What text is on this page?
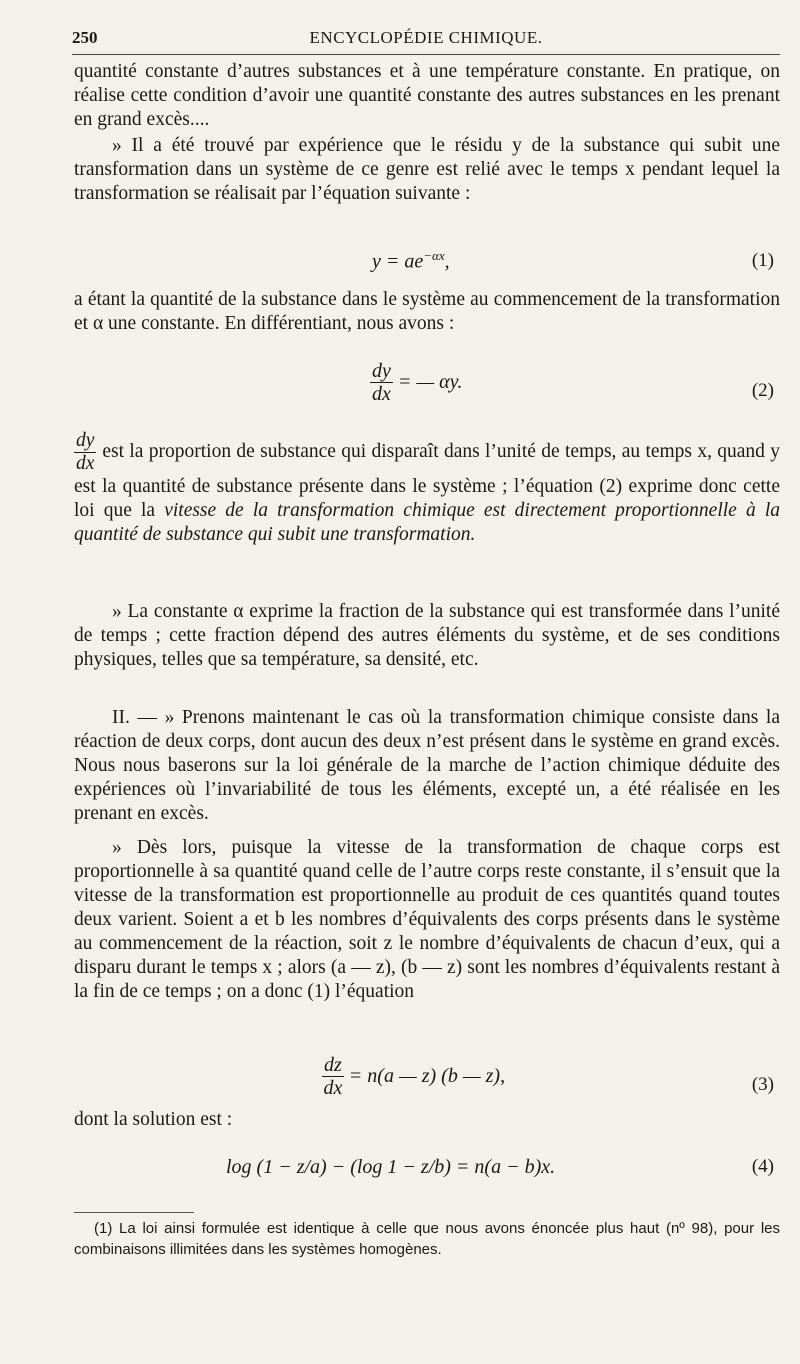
250	ENCYCLOPÉDIE CHIMIQUE.

quantité constante d’autres substances et à une température constante. En pratique, on réalise cette condition d’avoir une quantité constante des autres substances en les prenant en grand excès....

» Il a été trouvé par expérience que le résidu y de la substance qui subit une transformation dans un système de ce genre est relié avec le temps x pendant lequel la transformation se réalisait par l’équation suivante :

$y = ae^{-\alpha x}$,	(1)

a étant la quantité de la substance dans le système au commencement de la transformation et α une constante. En différentiant, nous avons :

$\frac{dy}{dx}$ = — αy.	(2)
$\frac{dy}{dx}$ est la proportion de substance qui disparaît dans l’unité de temps, au temps x, quand y est la quantité de substance présente dans le système ; l’équation (2) exprime donc cette loi que la vitesse de la transformation chimique est directement proportionnelle à la quantité de substance qui subit une transformation.

» La constante α exprime la fraction de la substance qui est transformée dans l’unité de temps ; cette fraction dépend des autres éléments du système, et de ses conditions physiques, telles que sa température, sa densité, etc.

II. — » Prenons maintenant le cas où la transformation chimique consiste dans la réaction de deux corps, dont aucun des deux n’est présent dans le système en grand excès. Nous nous baserons sur la loi générale de la marche de l’action chimique déduite des expériences où l’invariabilité de tous les éléments, excepté un, a été réalisée en les prenant en excès.

» Dès lors, puisque la vitesse de la transformation de chaque corps est proportionnelle à sa quantité quand celle de l’autre corps reste constante, il s’ensuit que la vitesse de la transformation est proportionnelle au produit de ces quantités quand toutes deux varient. Soient a et b les nombres d’équivalents des corps présents dans le système au commencement de la réaction, soit z le nombre d’équivalents de chacun d’eux, qui a disparu durant le temps x ; alors (a — z), (b — z) sont les nombres d’équivalents restant à la fin de ce temps ; on a donc (1) l’équation

$\frac{dz}{dx} = n(a$ — z) (b — z),	(3)

dont la solution est :

log (1 − z/a) − (log 1 − z/b) = n(a − b)x.	(4)
(1) La loi ainsi formulée est identique à celle que nous avons énoncée plus haut (nº 98), pour les combinaisons illimitées dans les systèmes homogènes.
